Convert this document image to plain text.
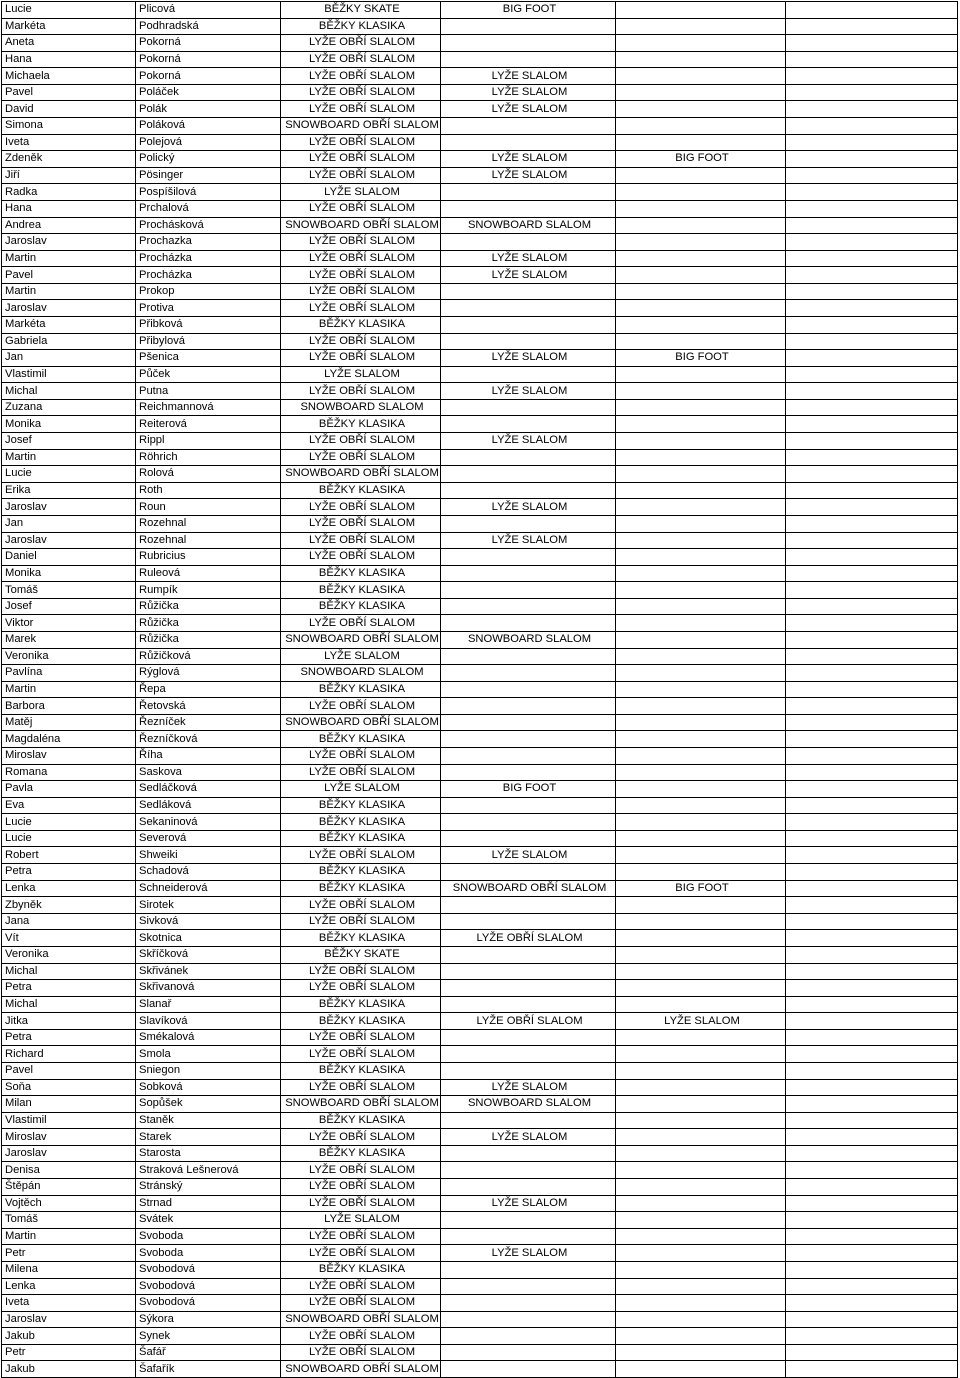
Lucie	Plicová	BĚŽKY SKATE	BIG FOOT		
Markéta	Podhradská	BĚŽKY KLASIKA			
Aneta	Pokorná	LYŽE OBŘÍ SLALOM			
Hana	Pokorná	LYŽE OBŘÍ SLALOM			
Michaela	Pokorná	LYŽE OBŘÍ SLALOM	LYŽE SLALOM		
Pavel	Poláček	LYŽE OBŘÍ SLALOM	LYŽE SLALOM		
David	Polák	LYŽE OBŘÍ SLALOM	LYŽE SLALOM		
Simona	Poláková	SNOWBOARD OBŘÍ SLALOM			
Iveta	Polejová	LYŽE OBŘÍ SLALOM			
Zdeněk	Polický	LYŽE OBŘÍ SLALOM	LYŽE SLALOM	BIG FOOT	
Jiří	Pösinger	LYŽE OBŘÍ SLALOM	LYŽE SLALOM		
Radka	Pospíšilová	LYŽE SLALOM			
Hana	Prchalová	LYŽE OBŘÍ SLALOM			
Andrea	Prochásková	SNOWBOARD OBŘÍ SLALOM	SNOWBOARD SLALOM		
Jaroslav	Prochazka	LYŽE OBŘÍ SLALOM			
Martin	Procházka	LYŽE OBŘÍ SLALOM	LYŽE SLALOM		
Pavel	Procházka	LYŽE OBŘÍ SLALOM	LYŽE SLALOM		
Martin	Prokop	LYŽE OBŘÍ SLALOM			
Jaroslav	Protiva	LYŽE OBŘÍ SLALOM			
Markéta	Přibková	BĚŽKY KLASIKA			
Gabriela	Přibylová	LYŽE OBŘÍ SLALOM			
Jan	Pšenica	LYŽE OBŘÍ SLALOM	LYŽE SLALOM	BIG FOOT	
Vlastimil	Půček	LYŽE SLALOM			
Michal	Putna	LYŽE OBŘÍ SLALOM	LYŽE SLALOM		
Zuzana	Reichmannová	SNOWBOARD SLALOM			
Monika	Reiterová	BĚŽKY KLASIKA			
Josef	Rippl	LYŽE OBŘÍ SLALOM	LYŽE SLALOM		
Martin	Röhrich	LYŽE OBŘÍ SLALOM			
Lucie	Rolová	SNOWBOARD OBŘÍ SLALOM			
Erika	Roth	BĚŽKY KLASIKA			
Jaroslav	Roun	LYŽE OBŘÍ SLALOM	LYŽE SLALOM		
Jan	Rozehnal	LYŽE OBŘÍ SLALOM			
Jaroslav	Rozehnal	LYŽE OBŘÍ SLALOM	LYŽE SLALOM		
Daniel	Rubricius	LYŽE OBŘÍ SLALOM			
Monika	Ruleová	BĚŽKY KLASIKA			
Tomáš	Rumpík	BĚŽKY KLASIKA			
Josef	Růžička	BĚŽKY KLASIKA			
Viktor	Růžička	LYŽE OBŘÍ SLALOM			
Marek	Růžička	SNOWBOARD OBŘÍ SLALOM	SNOWBOARD SLALOM		
Veronika	Růžičková	LYŽE SLALOM			
Pavlína	Rýglová	SNOWBOARD SLALOM			
Martin	Řepa	BĚŽKY KLASIKA			
Barbora	Řetovská	LYŽE OBŘÍ SLALOM			
Matěj	Řezníček	SNOWBOARD OBŘÍ SLALOM			
Magdaléna	Řezníčková	BĚŽKY KLASIKA			
Miroslav	Říha	LYŽE OBŘÍ SLALOM			
Romana	Saskova	LYŽE OBŘÍ SLALOM			
Pavla	Sedláčková	LYŽE SLALOM	BIG FOOT		
Eva	Sedláková	BĚŽKY KLASIKA			
Lucie	Sekaninová	BĚŽKY KLASIKA			
Lucie	Severová	BĚŽKY KLASIKA			
Robert	Shweiki	LYŽE OBŘÍ SLALOM	LYŽE SLALOM		
Petra	Schadová	BĚŽKY KLASIKA			
Lenka	Schneiderová	BĚŽKY KLASIKA	SNOWBOARD OBŘÍ SLALOM	BIG FOOT	
Zbyněk	Sirotek	LYŽE OBŘÍ SLALOM			
Jana	Sivková	LYŽE OBŘÍ SLALOM			
Vít	Skotnica	BĚŽKY KLASIKA	LYŽE OBŘÍ SLALOM		
Veronika	Skříčková	BĚŽKY SKATE			
Michal	Skřivánek	LYŽE OBŘÍ SLALOM			
Petra	Skřivanová	LYŽE OBŘÍ SLALOM			
Michal	Slanař	BĚŽKY KLASIKA			
Jitka	Slavíková	BĚŽKY KLASIKA	LYŽE OBŘÍ SLALOM	LYŽE SLALOM	
Petra	Smékalová	LYŽE OBŘÍ SLALOM			
Richard	Smola	LYŽE OBŘÍ SLALOM			
Pavel	Sniegon	BĚŽKY KLASIKA			
Soňa	Sobková	LYŽE OBŘÍ SLALOM	LYŽE SLALOM		
Milan	Sopůšek	SNOWBOARD OBŘÍ SLALOM	SNOWBOARD SLALOM		
Vlastimil	Staněk	BĚŽKY KLASIKA			
Miroslav	Starek	LYŽE OBŘÍ SLALOM	LYŽE SLALOM		
Jaroslav	Starosta	BĚŽKY KLASIKA			
Denisa	Straková Lešnerová	LYŽE OBŘÍ SLALOM			
Štěpán	Stránský	LYŽE OBŘÍ SLALOM			
Vojtěch	Strnad	LYŽE OBŘÍ SLALOM	LYŽE SLALOM		
Tomáš	Svátek	LYŽE SLALOM			
Martin	Svoboda	LYŽE OBŘÍ SLALOM			
Petr	Svoboda	LYŽE OBŘÍ SLALOM	LYŽE SLALOM		
Milena	Svobodová	BĚŽKY KLASIKA			
Lenka	Svobodová	LYŽE OBŘÍ SLALOM			
Iveta	Svobodová	LYŽE OBŘÍ SLALOM			
Jaroslav	Sýkora	SNOWBOARD OBŘÍ SLALOM			
Jakub	Synek	LYŽE OBŘÍ SLALOM			
Petr	Šafář	LYŽE OBŘÍ SLALOM			
Jakub	Šafařík	SNOWBOARD OBŘÍ SLALOM			
